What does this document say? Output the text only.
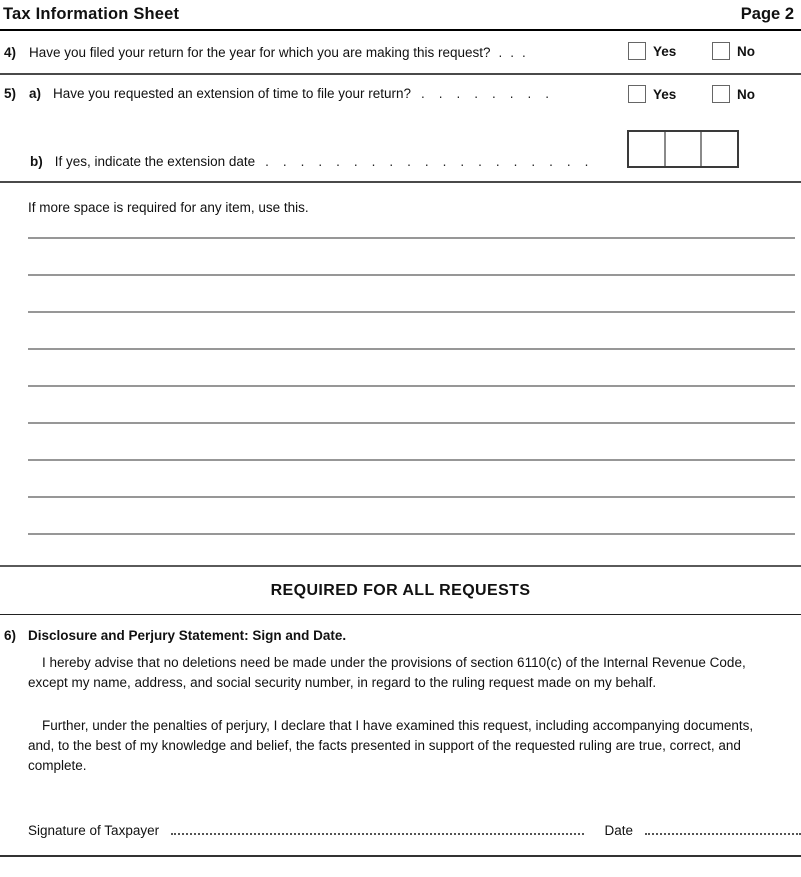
Tax Information Sheet	Page 2
4) Have you filed your return for the year for which you are making this request? ...	Yes	No
5) a) Have you requested an extension of time to file your return? ........	Yes	No
b) If yes, indicate the extension date ...................
If more space is required for any item, use this.
REQUIRED FOR ALL REQUESTS
6) Disclosure and Perjury Statement: Sign and Date.

I hereby advise that no deletions need be made under the provisions of section 6110(c) of the Internal Revenue Code, except my name, address, and social security number, in regard to the ruling request made on my behalf.

Further, under the penalties of perjury, I declare that I have examined this request, including accompanying documents, and, to the best of my knowledge and belief, the facts presented in support of the requested ruling are true, correct, and complete.

Signature of Taxpayer	Date
